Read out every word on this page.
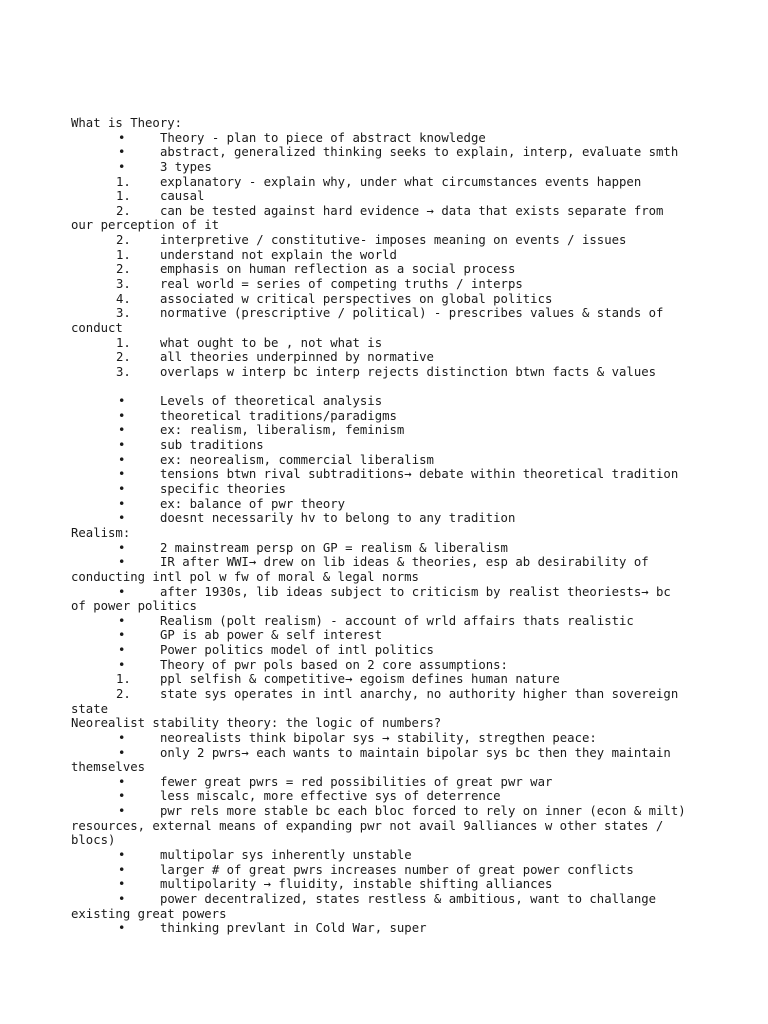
What is Theory:
•	Theory - plan to piece of abstract knowledge
•	abstract, generalized thinking seeks to explain, interp, evaluate smth
•	3 types
1. explanatory - explain why, under what circumstances events happen
1. causal
2. can be tested against hard evidence → data that exists separate from
our perception of it
2. interpretive / constitutive- imposes meaning on events / issues
1. understand not explain the world
2. emphasis on human reflection as a social process
3. real world = series of competing truths / interps
4. associated w critical perspectives on global politics
3. normative (prescriptive / political) - prescribes values & stands of
conduct
1. what ought to be , not what is
2. all theories underpinned by normative
3. overlaps w interp bc interp rejects distinction btwn facts & values
￼
•	Levels of theoretical analysis
•	theoretical traditions/paradigms
•	ex: realism, liberalism, feminism
•	sub traditions
•	ex: neorealism, commercial liberalism
•	tensions btwn rival subtraditions→ debate within theoretical tradition
•	specific theories
•	ex: balance of pwr theory
•	doesnt necessarily hv to belong to any tradition
Realism:
•	2 mainstream persp on GP = realism & liberalism
•	IR after WWI→ drew on lib ideas & theories, esp ab desirability of
conducting intl pol w fw of moral & legal norms
•	after 1930s, lib ideas subject to criticism by realist theoriests→ bc
of power politics
•	Realism (polt realism) - account of wrld affairs thats realistic
•	GP is ab power & self interest
•	Power politics model of intl politics
•	Theory of pwr pols based on 2 core assumptions:
1. ppl selfish & competitive→ egoism defines human nature
2. state sys operates in intl anarchy, no authority higher than sovereign
state
Neorealist stability theory: the logic of numbers?
•	neorealists think bipolar sys → stability, stregthen peace:
•	only 2 pwrs→ each wants to maintain bipolar sys bc then they maintain
themselves
•	fewer great pwrs = red possibilities of great pwr war
•	less miscalc, more effective sys of deterrence
•	pwr rels more stable bc each bloc forced to rely on inner (econ & milt)
resources, external means of expanding pwr not avail 9alliances w other states /
blocs)
•	multipolar sys inherently unstable
•	larger # of great pwrs increases number of great power conflicts
•	multipolarity → fluidity, instable shifting alliances
•	power decentralized, states restless & ambitious, want to challange
existing great powers
•	thinking prevlant in Cold War, super
